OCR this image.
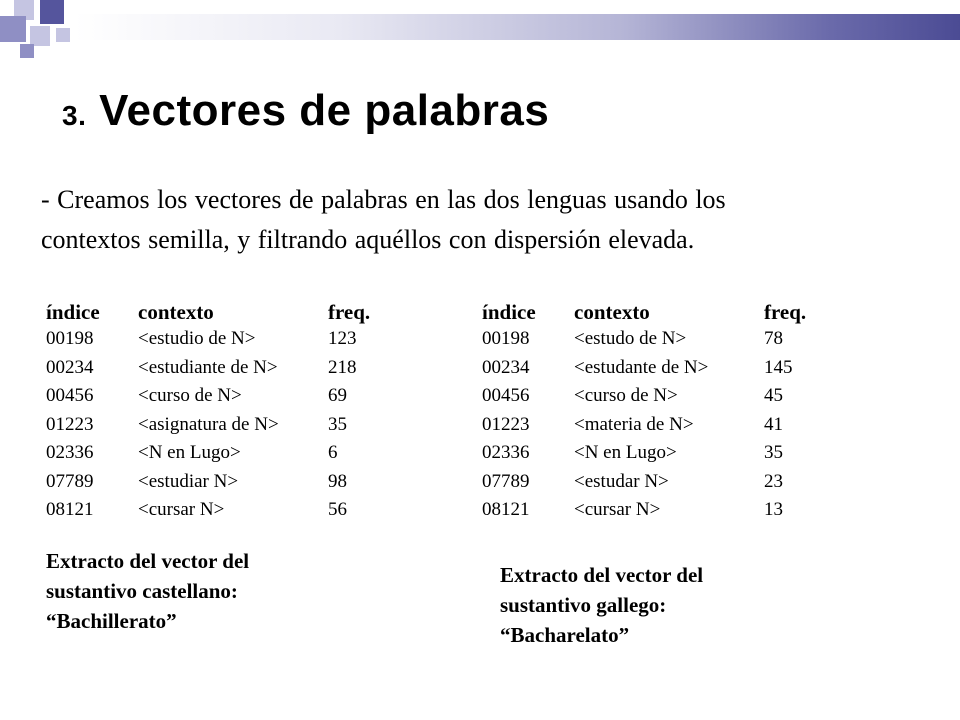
3. Vectores de palabras
- Creamos los vectores de palabras en las dos lenguas usando los
contextos semilla, y filtrando aquéllos con dispersión elevada.
índice contexto	freq.
00198 <estudio de N>	123
00234 <estudiante de N>	218
00456 <curso de N>	69
01223 <asignatura de N>	35
02336 <N en Lugo>	6
07789 <estudiar N>	98
08121 <cursar N>	56
índice contexto	freq.
00198 <estudo de N>	78
00234 <estudante de N>	145
00456 <curso de N>	45
01223 <materia de N>	41
02336 <N en Lugo>	35
07789 <estudar N>	23
08121 <cursar N>	13
Extracto del vector del
sustantivo castellano:
“Bachillerato”
Extracto del vector del
sustantivo gallego:
“Bacharelato”
